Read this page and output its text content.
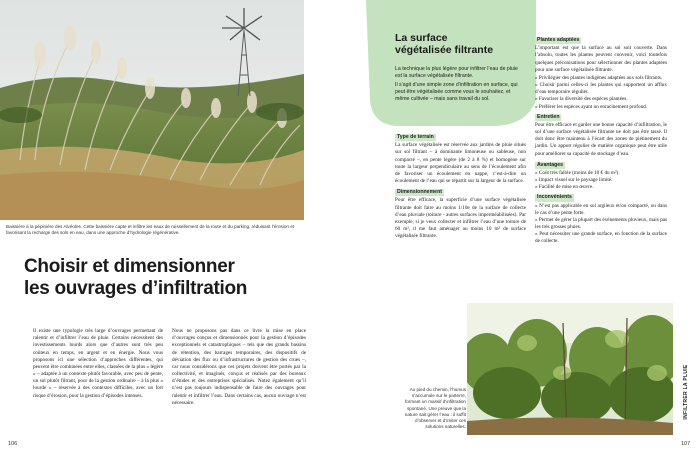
Baissière à la pépinière des Alvéoles. Cette baissière capte et infiltre les eaux de ruissellement de la route et du parking, réduisant l’érosion et favorisant la recharge des sols en eau, dans une approche d’hydrologie régénérative.
Choisir et dimensionner

les ouvrages d’infiltration
Il existe une typologie très large d’ouvrages permettant de ralentir et d’infiltrer l’eau de pluie. Certains nécessitent des investissements lourds alors que d’autres sont très peu coûteux en temps, en argent et en énergie. Nous vous proposons ici une sélection d’approches différentes, qui peuvent être combinées entre elles, classées de la plus « légère » – adaptée à un contexte plutôt favorable, avec peu de pente, un sol plutôt filtrant, pour de la gestion ordinaire – à la plus « lourde » – réservée à des contextes difficiles, avec un fort risque d’érosion, pour la gestion d’épisodes intenses.
Nous ne proposons pas dans ce livre la mise en place d’ouvrages conçus et dimensionnés pour la gestion d’épisodes exceptionnels et catastrophiques – tels que des grands bassins de rétention, des barrages temporaires, des dispositifs de déviation des flux ou d’infrastructures de gestion des crues –, car nous considérons que ces projets doivent être portés par la collectivité, et imaginés, conçus et réalisés par des bureaux d’études et des entreprises spécialisés. Notez également qu’il n’est pas toujours indispensable de faire des ouvrages pour ralentir et infiltrer l’eau. Dans certains cas, aucun ouvrage n’est nécessaire.
106
La surface
végétalisée filtrante
La technique la plus légère pour infiltrer l’eau de pluie est la surface végétalisée filtrante.
Il s’agit d’une simple zone d’infiltration en surface, qui peut être végétalisée comme vous le souhaitez, et même cultivée – mais sans travail du sol.
Type de terrain
La surface végétalisée est réservée aux jardins de pluie situés sur sol filtrant – à dominante limoneuse ou sableuse, non compacté –, en pente légère (de 2 à 8 %) et homogène sur toute la largeur perpendiculaire au sens de l’écoulement afin de favoriser un écoulement en nappe, c’est-à-dire un écoulement de l’eau qui se répartit sur la largeur de la surface.
Dimensionnement
Pour être efficace, la superficie d’une surface végétalisée filtrante doit faire au moins 1/10e de la surface de collecte d’eau pluviale (toiture - autres surfaces imperméabilisées). Par exemple, si je veux collecter et infiltrer l’eau d’une toiture de 60 m², il me faut aménager au moins 10 m² de surface végétalisée filtrante.
Plantes adaptées
L’important est que la surface au sol soit couverte. Dans l’absolu, toutes les plantes peuvent convenir, voici toutefois quelques préconisations pour sélectionner des plantes adaptées pour une surface végétalisée filtrante.
» Privilégier des plantes indigènes adaptées aux sols filtrants.
» Choisir parmi celles-ci les plantes qui supportent un afflux d’eau temporaire régulier.
» Favoriser la diversité des espèces plantées.
» Préférer les espèces ayant un enracinement profond.
Entretien
Pour être efficace et garder une bonne capacité d’infiltration, le sol d’une surface végétalisée filtrante ne doit pas être tassé. Il doit donc être maintenu à l’écart des zones de piétinement du jardin. Un apport régulier de matière organique peut être utile pour améliorer sa capacité de stockage d’eau.
Avantages
» Coût très faible (moins de 10 € du m²).
» Impact visuel sur le paysage limité.
» Facilité de mise en œuvre.
Inconvénients
» N’est pas applicable en sol argileux et/ou compacté, ou dans le cas d’une pente forte.
» Permet de gérer la plupart des événements pluvieux, mais pas les très grosses pluies.
» Peut nécessiter une grande surface, en fonction de la surface de collecte.
Au pied du chemin, l’humus s’accumule sur le parterre, formant un massif d’infiltration spontané. Une preuve que la nature sait gérer l’eau : il suffit d’observer et d’imiter ces solutions naturelles.
INFILTRER LA PLUIE
107
